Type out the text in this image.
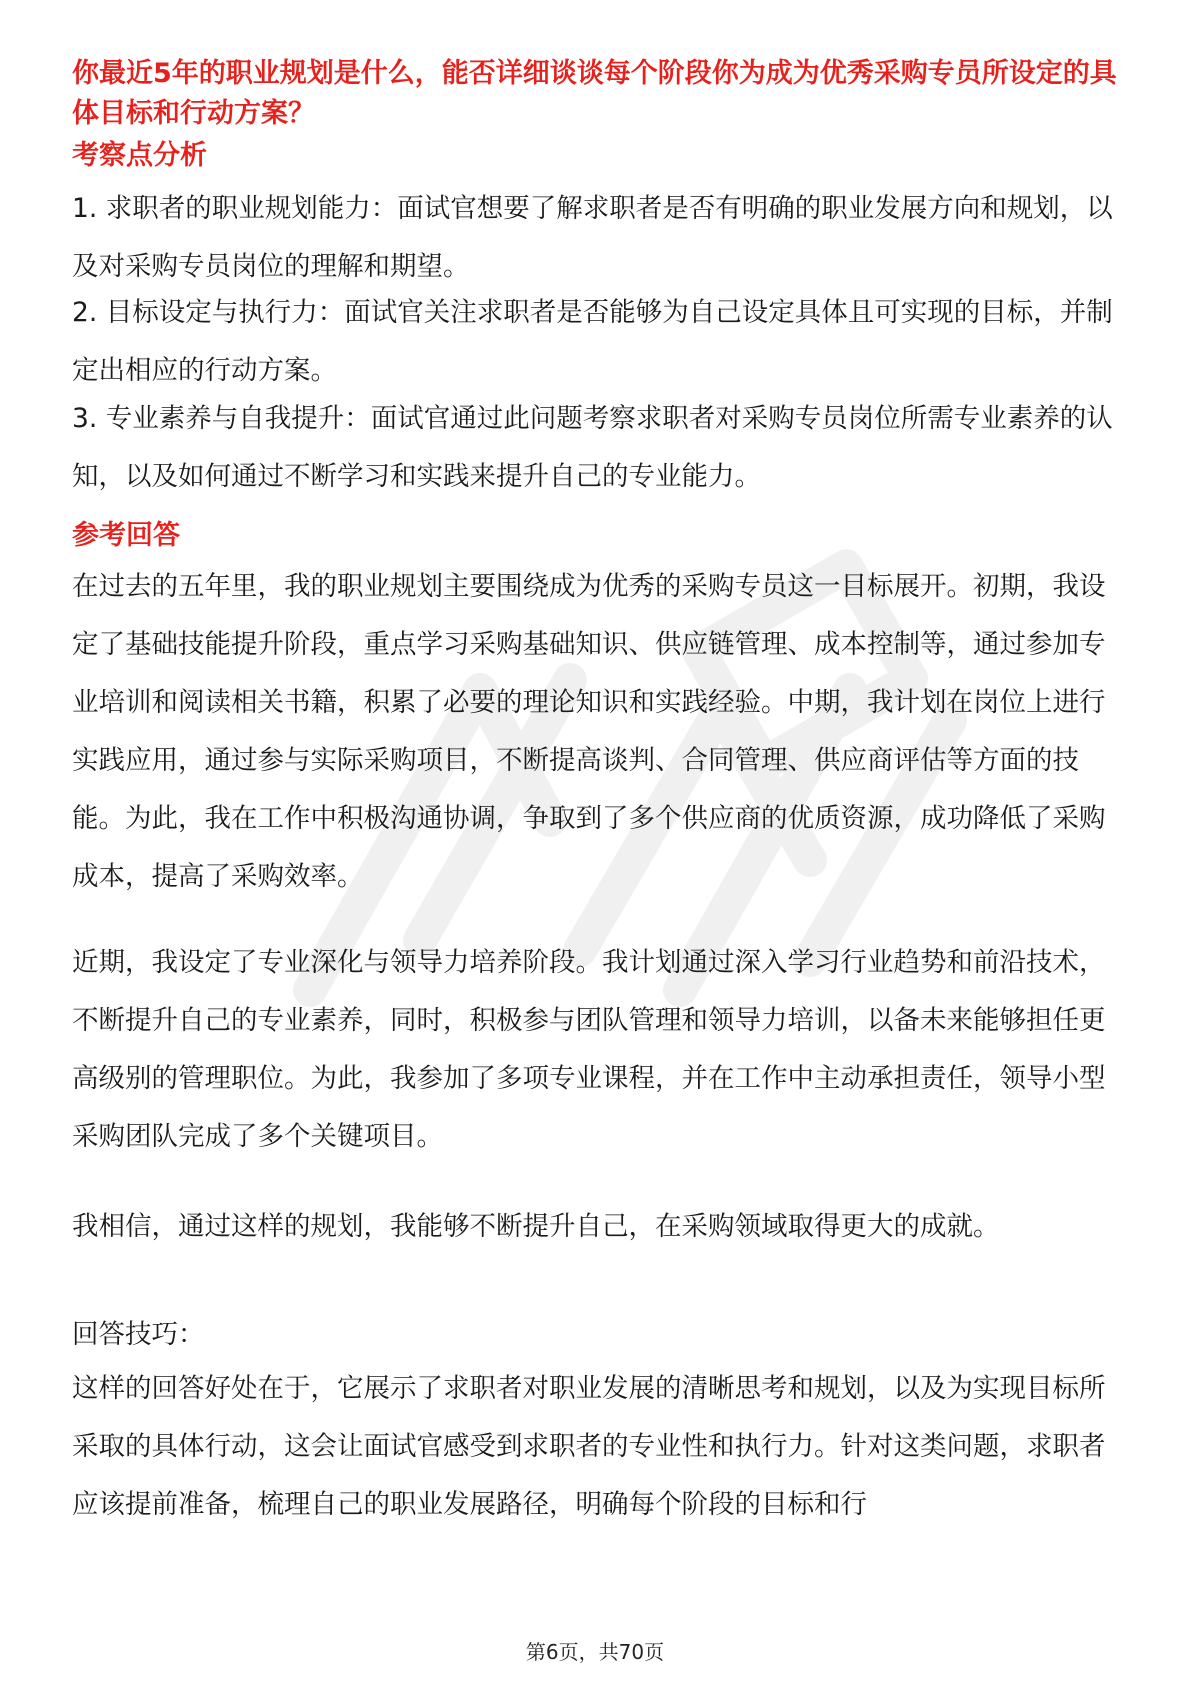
你最近5年的职业规划是什么，能否详细谈谈每个阶段你为成为优秀采购专员所设定的具体目标和行动方案？

考察点分析

1. 求职者的职业规划能力：面试官想要了解求职者是否有明确的职业发展方向和规划，以及对采购专员岗位的理解和期望。

2. 目标设定与执行力：面试官关注求职者是否能够为自己设定具体且可实现的目标，并制定出相应的行动方案。

3. 专业素养与自我提升：面试官通过此问题考察求职者对采购专员岗位所需专业素养的认知，以及如何通过不断学习和实践来提升自己的专业能力。

参考回答

在过去的五年里，我的职业规划主要围绕成为优秀的采购专员这一目标展开。初期，我设定了基础技能提升阶段，重点学习采购基础知识、供应链管理、成本控制等，通过参加专业培训和阅读相关书籍，积累了必要的理论知识和实践经验。中期，我计划在岗位上进行实践应用，通过参与实际采购项目，不断提高谈判、合同管理、供应商评估等方面的技能。为此，我在工作中积极沟通协调，争取到了多个供应商的优质资源，成功降低了采购成本，提高了采购效率。

近期，我设定了专业深化与领导力培养阶段。我计划通过深入学习行业趋势和前沿技术，不断提升自己的专业素养，同时，积极参与团队管理和领导力培训，以备未来能够担任更高级别的管理职位。为此，我参加了多项专业课程，并在工作中主动承担责任，领导小型采购团队完成了多个关键项目。

我相信，通过这样的规划，我能够不断提升自己，在采购领域取得更大的成就。

回答技巧：

这样的回答好处在于，它展示了求职者对职业发展的清晰思考和规划，以及为实现目标所采取的具体行动，这会让面试官感受到求职者的专业性和执行力。针对这类问题，求职者应该提前准备，梳理自己的职业发展路径，明确每个阶段的目标和行

第6页，共70页
